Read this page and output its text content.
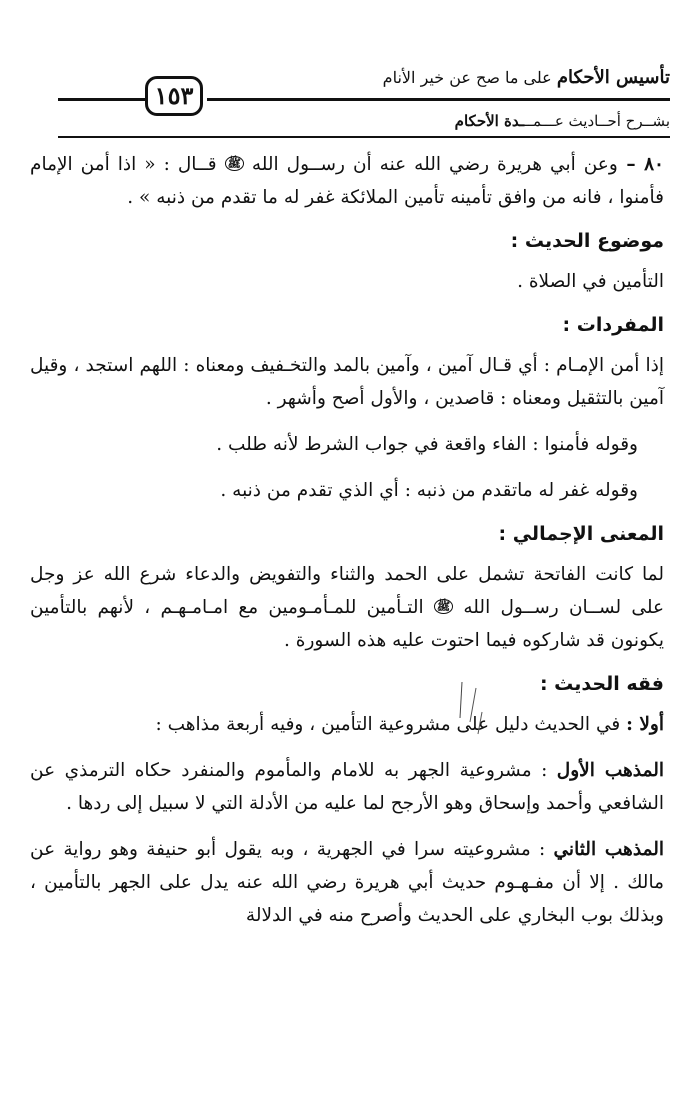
تأسيس الأحكام على ما صح عن خير الأنام
١٥٣
بشــرح أحــاديث عـــمـــدة الأحكام

٨٠ – وعن أبي هريرة رضي الله عنه أن رســول الله ﷺ قــال : « اذا أمن الإمام فأمنوا ، فانه من وافق تأمينه تأمين الملائكة غفر له ما تقدم من ذنبه » .

موضوع الحديث :

التأمين في الصلاة .

المفردات :

إذا أمن الإمـام : أي قـال آمين ، وآمين بالمد والتخـفيف ومعناه : اللهم استجد ، وقيل آمين بالتثقيل ومعناه : قاصدين ، والأول أصح وأشهر .

وقوله فأمنوا : الفاء واقعة في جواب الشرط لأنه طلب .

وقوله غفر له ماتقدم من ذنبه : أي الذي تقدم من ذنبه .

المعنى الإجمالي :

لما كانت الفاتحة تشمل على الحمد والثناء والتفويض والدعاء شرع الله عز وجل على لســان رســول الله ﷺ التـأمين للمـأمـومين مع امـامـهـم ، لأنهم بالتأمين يكونون قد شاركوه فيما احتوت عليه هذه السورة .

فقه الحديث :

أولا : في الحديث دليل على مشروعية التأمين ، وفيه أربعة مذاهب :

المذهب الأول : مشروعية الجهر به للامام والمأموم والمنفرد حكاه الترمذي عن الشافعي وأحمد وإسحاق وهو الأرجح لما عليه من الأدلة التي لا سبيل إلى ردها .

المذهب الثاني : مشروعيته سرا في الجهرية ، وبه يقول أبو حنيفة وهو رواية عن مالك . إلا أن مفـهـوم حديث أبي هريرة رضي الله عنه يدل على الجهر بالتأمين ، وبذلك بوب البخاري على الحديث وأصرح منه في الدلالة
